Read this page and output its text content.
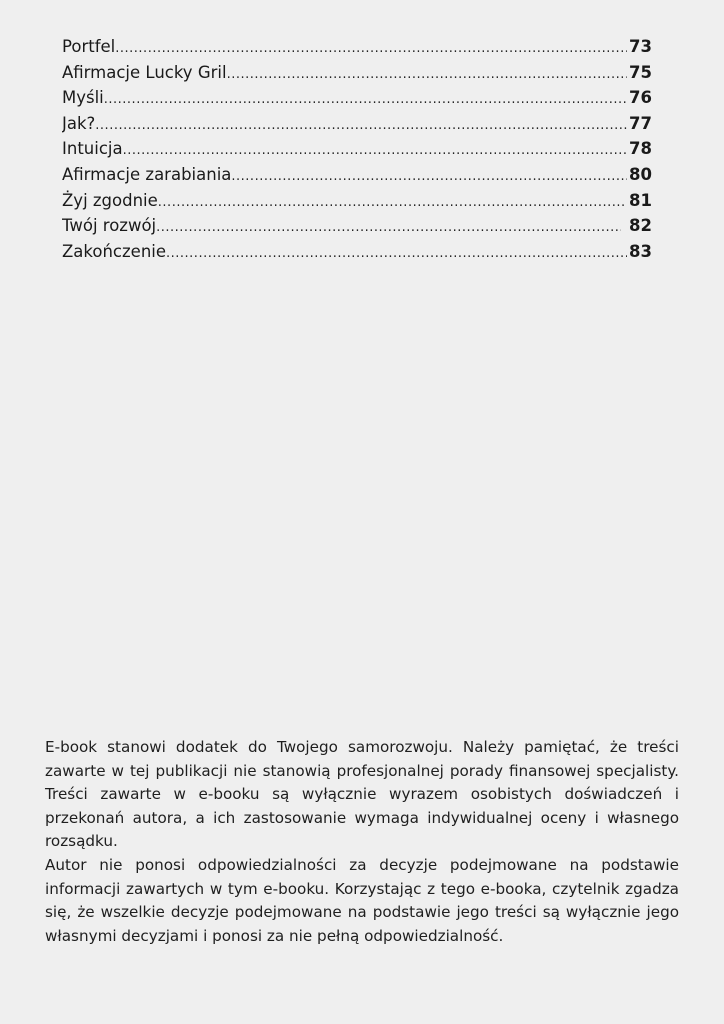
Portfel .....	73
Afirmacje Lucky Gril .....	75
Myśli .....	76
Jak? .....	77
Intuicja .....	78
Afirmacje zarabiania .....	80
Żyj zgodnie .....	81
Twój rozwój .....	82
Zakończenie .....	83

E-book stanowi dodatek do Twojego samorozwoju. Należy pamiętać, że treści zawarte w tej publikacji nie stanowią profesjonalnej porady finansowej specjalisty. Treści zawarte w e-booku są wyłącznie wyrazem osobistych doświadczeń i przekonań autora, a ich zastosowanie wymaga indywidualnej oceny i własnego rozsądku.

Autor nie ponosi odpowiedzialności za decyzje podejmowane na podstawie informacji zawartych w tym e-booku. Korzystając z tego e-booka, czytelnik zgadza się, że wszelkie decyzje podejmowane na podstawie jego treści są wyłącznie jego własnymi decyzjami i ponosi za nie pełną odpowiedzialność.
